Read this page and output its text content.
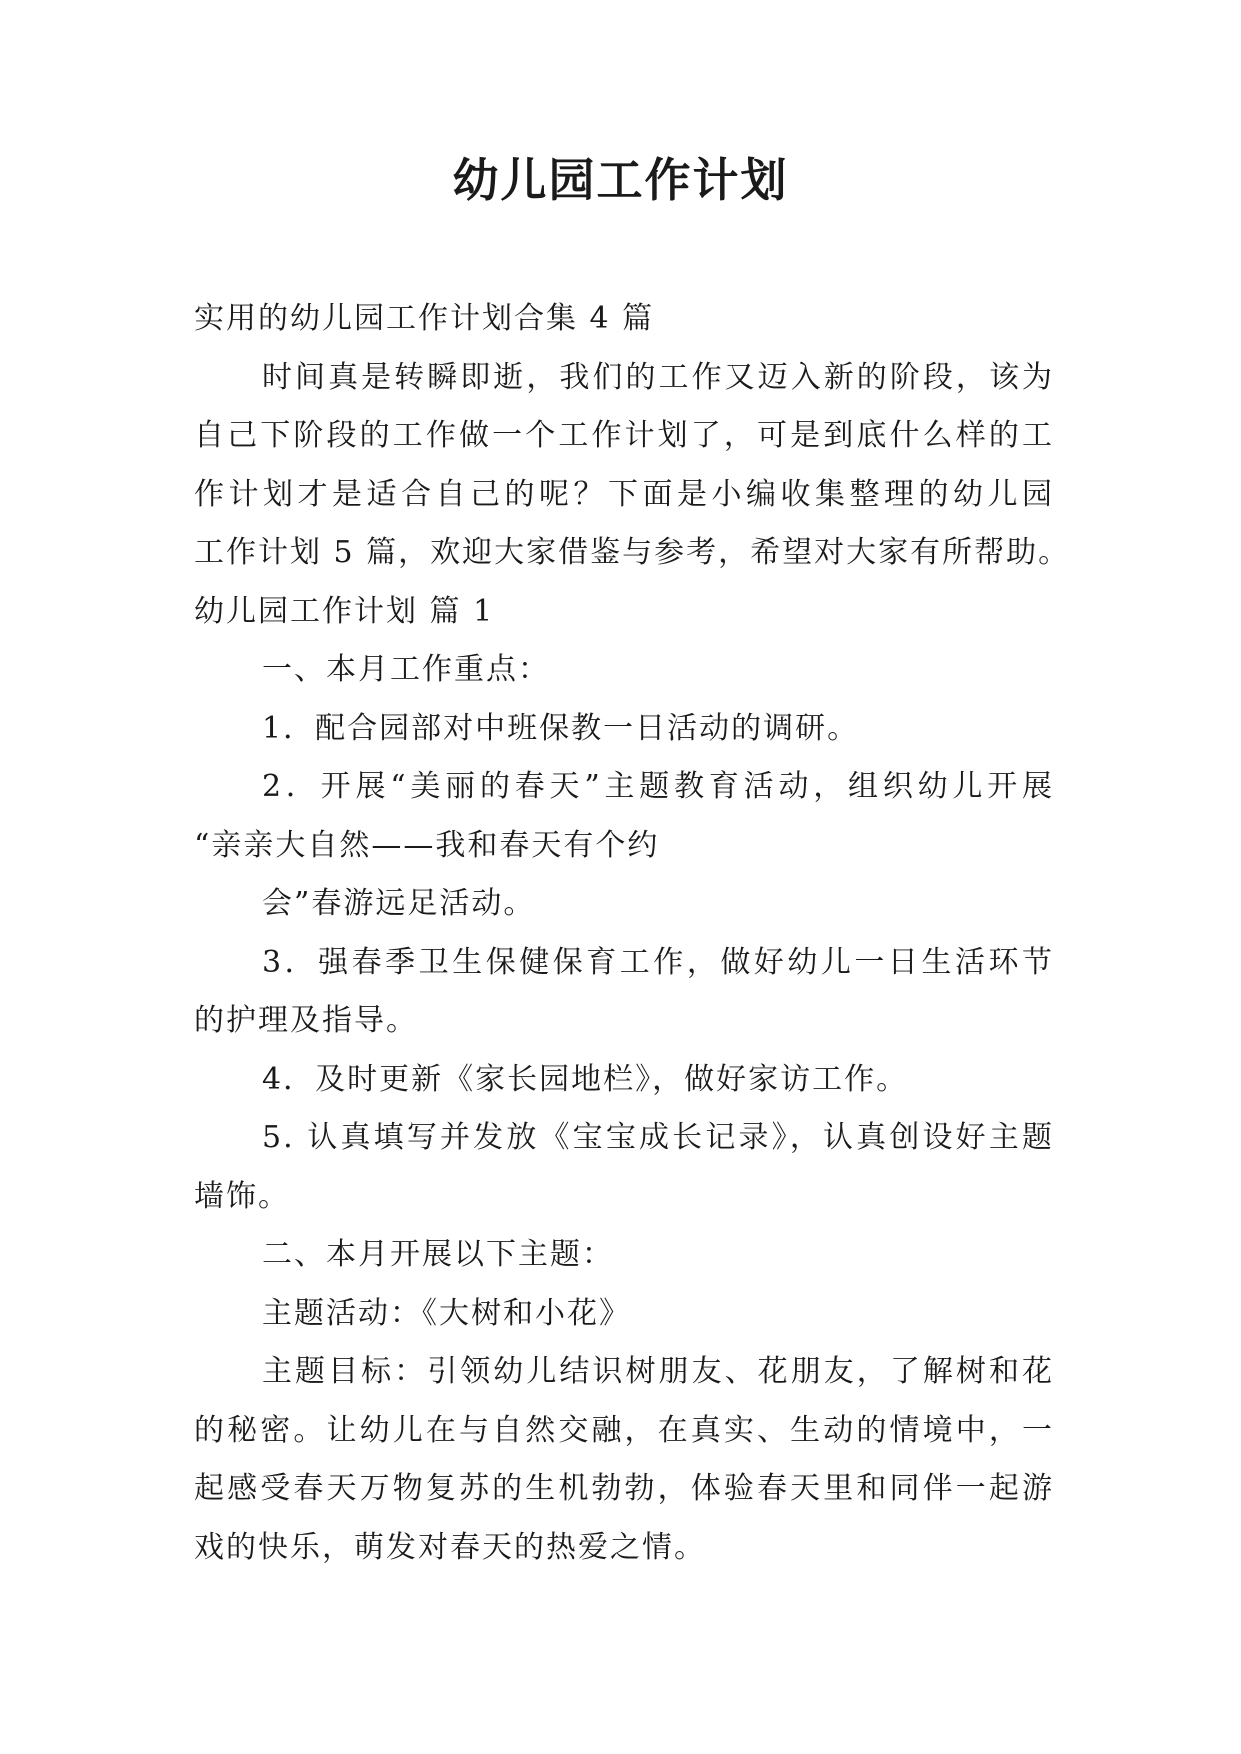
幼儿园工作计划

实用的幼儿园工作计划合集 4 篇

时间真是转瞬即逝，我们的工作又迈入新的阶段，该为

自己下阶段的工作做一个工作计划了，可是到底什么样的工

作计划才是适合自己的呢？下面是小编收集整理的幼儿园

工作计划 5 篇，欢迎大家借鉴与参考，希望对大家有所帮助。

幼儿园工作计划 篇 1

一、本月工作重点：

1．配合园部对中班保教一日活动的调研。

2．开展“美丽的春天”主题教育活动，组织幼儿开展

“亲亲大自然——我和春天有个约

会”春游远足活动。

3．强春季卫生保健保育工作，做好幼儿一日生活环节

的护理及指导。

4．及时更新《家长园地栏》，做好家访工作。

5. 认真填写并发放《宝宝成长记录》，认真创设好主题

墙饰。

二、本月开展以下主题：

主题活动：《大树和小花》

主题目标：引领幼儿结识树朋友、花朋友，了解树和花

的秘密。让幼儿在与自然交融，在真实、生动的情境中，一

起感受春天万物复苏的生机勃勃，体验春天里和同伴一起游

戏的快乐，萌发对春天的热爱之情。
